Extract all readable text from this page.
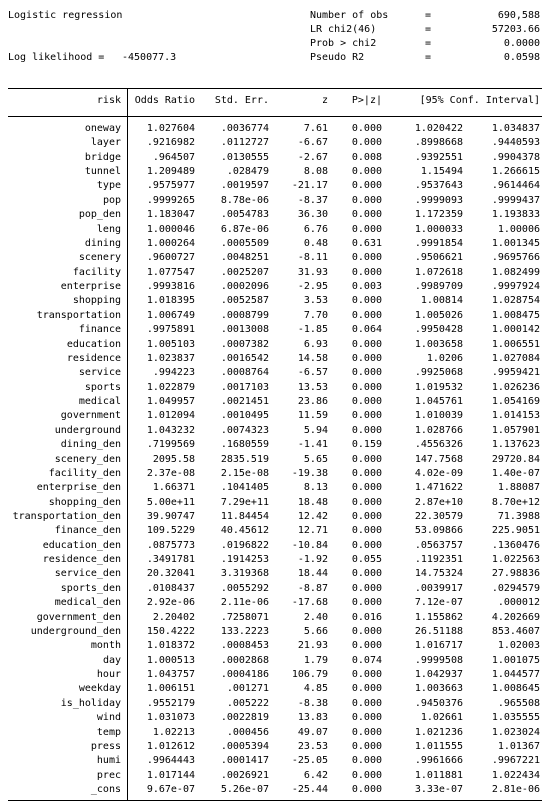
Logistic regression
Log likelihood = -450077.3
Number of obs	=	690,588
LR chi2(46)	=	57203.66
Prob > chi2	=	0.0000
Pseudo R2	=	0.0598
risk	Odds Ratio	Std. Err.	z	P>|z|	[95% Conf. Interval]
oneway	1.027604	.0036774	7.61	0.000	1.020422	1.034837
layer	.9216982	.0112727	-6.67	0.000	.8998668	.9440593
bridge	.964507	.0130555	-2.67	0.008	.9392551	.9904378
tunnel	1.209489	.028479	8.08	0.000	1.15494	1.266615
type	.9575977	.0019597	-21.17	0.000	.9537643	.9614464
pop	.9999265	8.78e-06	-8.37	0.000	.9999093	.9999437
pop_den	1.183047	.0054783	36.30	0.000	1.172359	1.193833
leng	1.000046	6.87e-06	6.76	0.000	1.000033	1.00006
dining	1.000264	.0005509	0.48	0.631	.9991854	1.001345
scenery	.9600727	.0048251	-8.11	0.000	.9506621	.9695766
facility	1.077547	.0025207	31.93	0.000	1.072618	1.082499
enterprise	.9993816	.0002096	-2.95	0.003	.9989709	.9997924
shopping	1.018395	.0052587	3.53	0.000	1.00814	1.028754
transportation	1.006749	.0008799	7.70	0.000	1.005026	1.008475
finance	.9975891	.0013008	-1.85	0.064	.9950428	1.000142
education	1.005103	.0007382	6.93	0.000	1.003658	1.006551
residence	1.023837	.0016542	14.58	0.000	1.0206	1.027084
service	.994223	.0008764	-6.57	0.000	.9925068	.9959421
sports	1.022879	.0017103	13.53	0.000	1.019532	1.026236
medical	1.049957	.0021451	23.86	0.000	1.045761	1.054169
government	1.012094	.0010495	11.59	0.000	1.010039	1.014153
underground	1.043232	.0074323	5.94	0.000	1.028766	1.057901
dining_den	.7199569	.1680559	-1.41	0.159	.4556326	1.137623
scenery_den	2095.58	2835.519	5.65	0.000	147.7568	29720.84
facility_den	2.37e-08	2.15e-08	-19.38	0.000	4.02e-09	1.40e-07
enterprise_den	1.66371	.1041405	8.13	0.000	1.471622	1.88087
shopping_den	5.00e+11	7.29e+11	18.48	0.000	2.87e+10	8.70e+12
transportation_den	39.90747	11.84454	12.42	0.000	22.30579	71.3988
finance_den	109.5229	40.45612	12.71	0.000	53.09866	225.9051
education_den	.0875773	.0196822	-10.84	0.000	.0563757	.1360476
residence_den	.3491781	.1914253	-1.92	0.055	.1192351	1.022563
service_den	20.32041	3.319368	18.44	0.000	14.75324	27.98836
sports_den	.0108437	.0055292	-8.87	0.000	.0039917	.0294579
medical_den	2.92e-06	2.11e-06	-17.68	0.000	7.12e-07	.000012
government_den	2.20402	.7258071	2.40	0.016	1.155862	4.202669
underground_den	150.4222	133.2223	5.66	0.000	26.51188	853.4607
month	1.018372	.0008453	21.93	0.000	1.016717	1.02003
day	1.000513	.0002868	1.79	0.074	.9999508	1.001075
hour	1.043757	.0004186	106.79	0.000	1.042937	1.044577
weekday	1.006151	.001271	4.85	0.000	1.003663	1.008645
is_holiday	.9552179	.005222	-8.38	0.000	.9450376	.965508
wind	1.031073	.0022819	13.83	0.000	1.02661	1.035555
temp	1.02213	.000456	49.07	0.000	1.021236	1.023024
press	1.012612	.0005394	23.53	0.000	1.011555	1.01367
humi	.9964443	.0001417	-25.05	0.000	.9961666	.9967221
prec	1.017144	.0026921	6.42	0.000	1.011881	1.022434
_cons	9.67e-07	5.26e-07	-25.44	0.000	3.33e-07	2.81e-06
